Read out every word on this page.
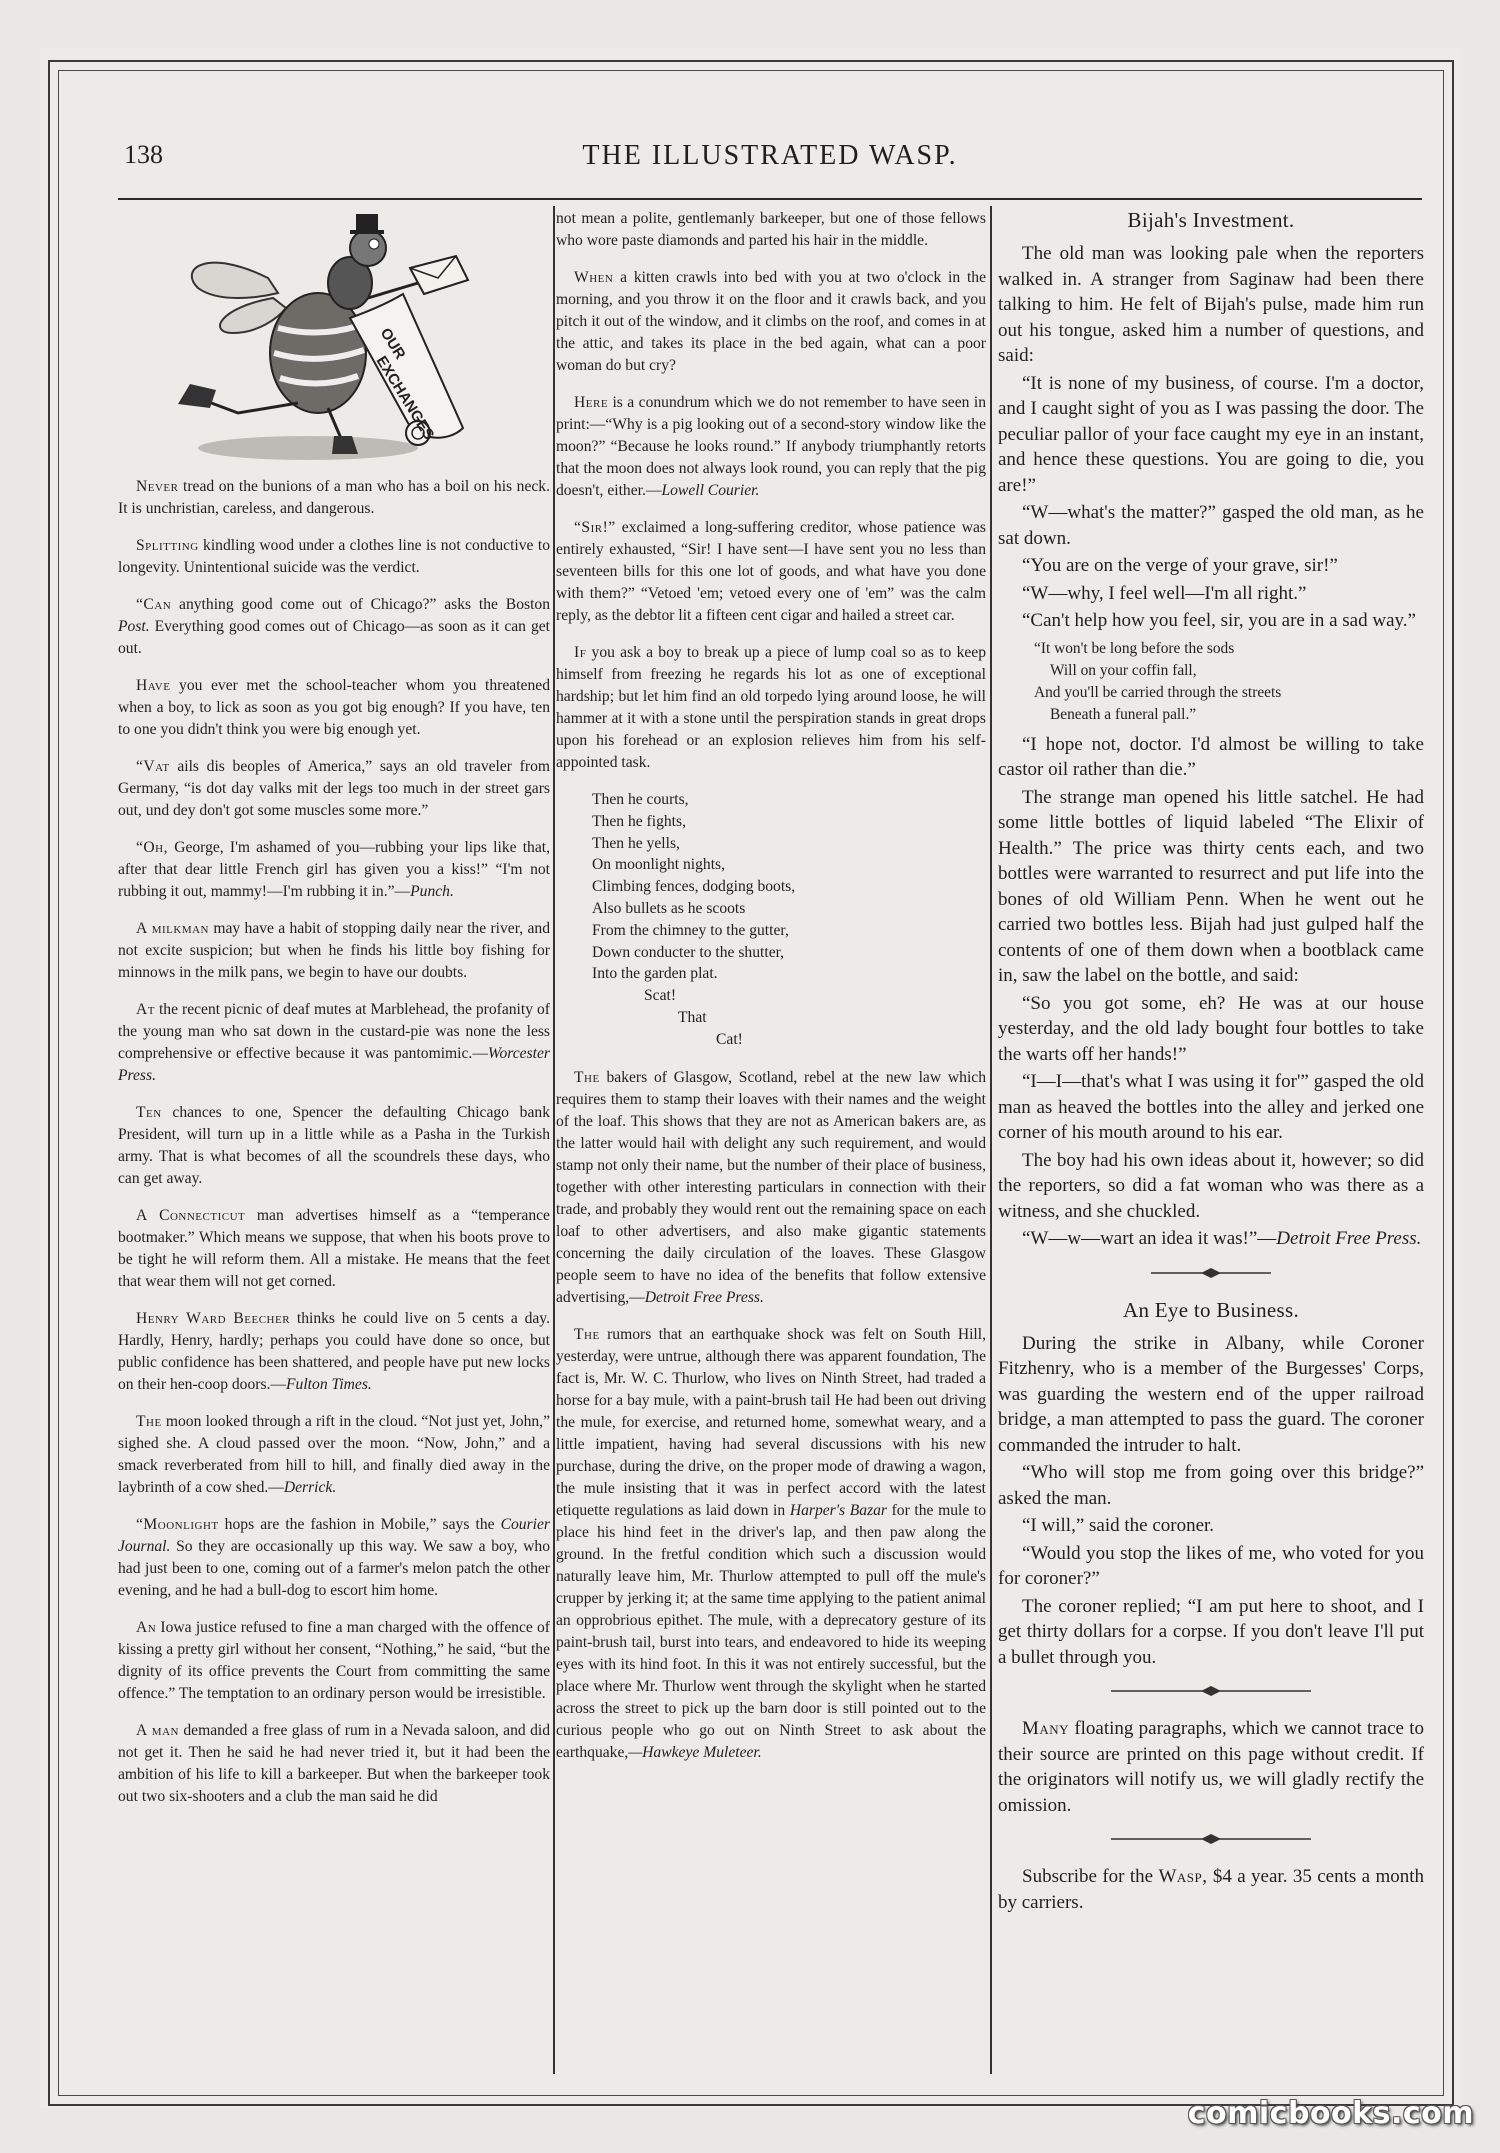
138	THE ILLUSTRATED WASP.
OUR
EXCHANGES

Never tread on the bunions of a man who has a boil on his neck. It is unchristian, careless, and dangerous.

Splitting kindling wood under a clothes line is not conductive to longevity. Unintentional suicide was the verdict.

“Can anything good come out of Chicago?” asks the Boston Post. Everything good comes out of Chicago—as soon as it can get out.

Have you ever met the school-teacher whom you threatened when a boy, to lick as soon as you got big enough? If you have, ten to one you didn't think you were big enough yet.

“Vat ails dis beoples of America,” says an old traveler from Germany, “is dot day valks mit der legs too much in der street gars out, und dey don't got some muscles some more.”

“Oh, George, I'm ashamed of you—rubbing your lips like that, after that dear little French girl has given you a kiss!” “I'm not rubbing it out, mammy!—I'm rubbing it in.”—Punch.

A milkman may have a habit of stopping daily near the river, and not excite suspicion; but when he finds his little boy fishing for minnows in the milk pans, we begin to have our doubts.

At the recent picnic of deaf mutes at Marblehead, the profanity of the young man who sat down in the custard-pie was none the less comprehensive or effective because it was pantomimic.—Worcester Press.

Ten chances to one, Spencer the defaulting Chicago bank President, will turn up in a little while as a Pasha in the Turkish army. That is what becomes of all the scoundrels these days, who can get away.

A Connecticut man advertises himself as a “temperance bootmaker.” Which means we suppose, that when his boots prove to be tight he will reform them. All a mistake. He means that the feet that wear them will not get corned.

Henry Ward Beecher thinks he could live on 5 cents a day. Hardly, Henry, hardly; perhaps you could have done so once, but public confidence has been shattered, and people have put new locks on their hen-coop doors.—Fulton Times.

The moon looked through a rift in the cloud. “Not just yet, John,” sighed she. A cloud passed over the moon. “Now, John,” and a smack reverberated from hill to hill, and finally died away in the laybrinth of a cow shed.—Derrick.

“Moonlight hops are the fashion in Mobile,” says the Courier Journal. So they are occasionally up this way. We saw a boy, who had just been to one, coming out of a farmer's melon patch the other evening, and he had a bull-dog to escort him home.

An Iowa justice refused to fine a man charged with the offence of kissing a pretty girl without her consent, “Nothing,” he said, “but the dignity of its office prevents the Court from committing the same offence.” The temptation to an ordinary person would be irresistible.

A man demanded a free glass of rum in a Nevada saloon, and did not get it. Then he said he had never tried it, but it had been the ambition of his life to kill a barkeeper. But when the barkeeper took out two six-shooters and a club the man said he did

not mean a polite, gentlemanly barkeeper, but one of those fellows who wore paste diamonds and parted his hair in the middle.

When a kitten crawls into bed with you at two o'clock in the morning, and you throw it on the floor and it crawls back, and you pitch it out of the window, and it climbs on the roof, and comes in at the attic, and takes its place in the bed again, what can a poor woman do but cry?

Here is a conundrum which we do not remember to have seen in print:—“Why is a pig looking out of a second-story window like the moon?” “Because he looks round.” If anybody triumphantly retorts that the moon does not always look round, you can reply that the pig doesn't, either.—Lowell Courier.

“Sir!” exclaimed a long-suffering creditor, whose patience was entirely exhausted, “Sir! I have sent—I have sent you no less than seventeen bills for this one lot of goods, and what have you done with them?” “Vetoed 'em; vetoed every one of 'em” was the calm reply, as the debtor lit a fifteen cent cigar and hailed a street car.

If you ask a boy to break up a piece of lump coal so as to keep himself from freezing he regards his lot as one of exceptional hardship; but let him find an old torpedo lying around loose, he will hammer at it with a stone until the perspiration stands in great drops upon his forehead or an explosion relieves him from his self-appointed task.

Then he courts,
Then he fights,
Then he yells,
On moonlight nights,
Climbing fences, dodging boots,
Also bullets as he scoots
From the chimney to the gutter,
Down conducter to the shutter,
Into the garden plat.
Scat!
That
Cat!

The bakers of Glasgow, Scotland, rebel at the new law which requires them to stamp their loaves with their names and the weight of the loaf. This shows that they are not as American bakers are, as the latter would hail with delight any such requirement, and would stamp not only their name, but the number of their place of business, together with other interesting particulars in connection with their trade, and probably they would rent out the remaining space on each loaf to other advertisers, and also make gigantic statements concerning the daily circulation of the loaves. These Glasgow people seem to have no idea of the benefits that follow extensive advertising,—Detroit Free Press.

The rumors that an earthquake shock was felt on South Hill, yesterday, were untrue, although there was apparent foundation, The fact is, Mr. W. C. Thurlow, who lives on Ninth Street, had traded a horse for a bay mule, with a paint-brush tail He had been out driving the mule, for exercise, and returned home, somewhat weary, and a little impatient, having had several discussions with his new purchase, during the drive, on the proper mode of drawing a wagon, the mule insisting that it was in perfect accord with the latest etiquette regulations as laid down in Harper's Bazar for the mule to place his hind feet in the driver's lap, and then paw along the ground. In the fretful condition which such a discussion would naturally leave him, Mr. Thurlow attempted to pull off the mule's crupper by jerking it; at the same time applying to the patient animal an opprobrious epithet. The mule, with a deprecatory gesture of its paint-brush tail, burst into tears, and endeavored to hide its weeping eyes with its hind foot. In this it was not entirely successful, but the place where Mr. Thurlow went through the skylight when he started across the street to pick up the barn door is still pointed out to the curious people who go out on Ninth Street to ask about the earthquake,—Hawkeye Muleteer.

Bijah's Investment.

The old man was looking pale when the reporters walked in. A stranger from Saginaw had been there talking to him. He felt of Bijah's pulse, made him run out his tongue, asked him a number of questions, and said:

“It is none of my business, of course. I'm a doctor, and I caught sight of you as I was passing the door. The peculiar pallor of your face caught my eye in an instant, and hence these questions. You are going to die, you are!”

“W—what's the matter?” gasped the old man, as he sat down.

“You are on the verge of your grave, sir!”

“W—why, I feel well—I'm all right.”

“Can't help how you feel, sir, you are in a sad way.”

“It won't be long before the sods
Will on your coffin fall,
And you'll be carried through the streets
Beneath a funeral pall.”

“I hope not, doctor. I'd almost be willing to take castor oil rather than die.”

The strange man opened his little satchel. He had some little bottles of liquid labeled “The Elixir of Health.” The price was thirty cents each, and two bottles were warranted to resurrect and put life into the bones of old William Penn. When he went out he carried two bottles less. Bijah had just gulped half the contents of one of them down when a bootblack came in, saw the label on the bottle, and said:

“So you got some, eh? He was at our house yesterday, and the old lady bought four bottles to take the warts off her hands!”

“I—I—that's what I was using it for'” gasped the old man as heaved the bottles into the alley and jerked one corner of his mouth around to his ear.

The boy had his own ideas about it, however; so did the reporters, so did a fat woman who was there as a witness, and she chuckled.

“W—w—wart an idea it was!”—Detroit Free Press.

An Eye to Business.

During the strike in Albany, while Coroner Fitzhenry, who is a member of the Burgesses' Corps, was guarding the western end of the upper railroad bridge, a man attempted to pass the guard. The coroner commanded the intruder to halt.

“Who will stop me from going over this bridge?” asked the man.

“I will,” said the coroner.

“Would you stop the likes of me, who voted for you for coroner?”

The coroner replied; “I am put here to shoot, and I get thirty dollars for a corpse. If you don't leave I'll put a bullet through you.

Many floating paragraphs, which we cannot trace to their source are printed on this page without credit. If the originators will notify us, we will gladly rectify the omission.

Subscribe for the Wasp, $4 a year. 35 cents a month by carriers.

comicbooks.com
